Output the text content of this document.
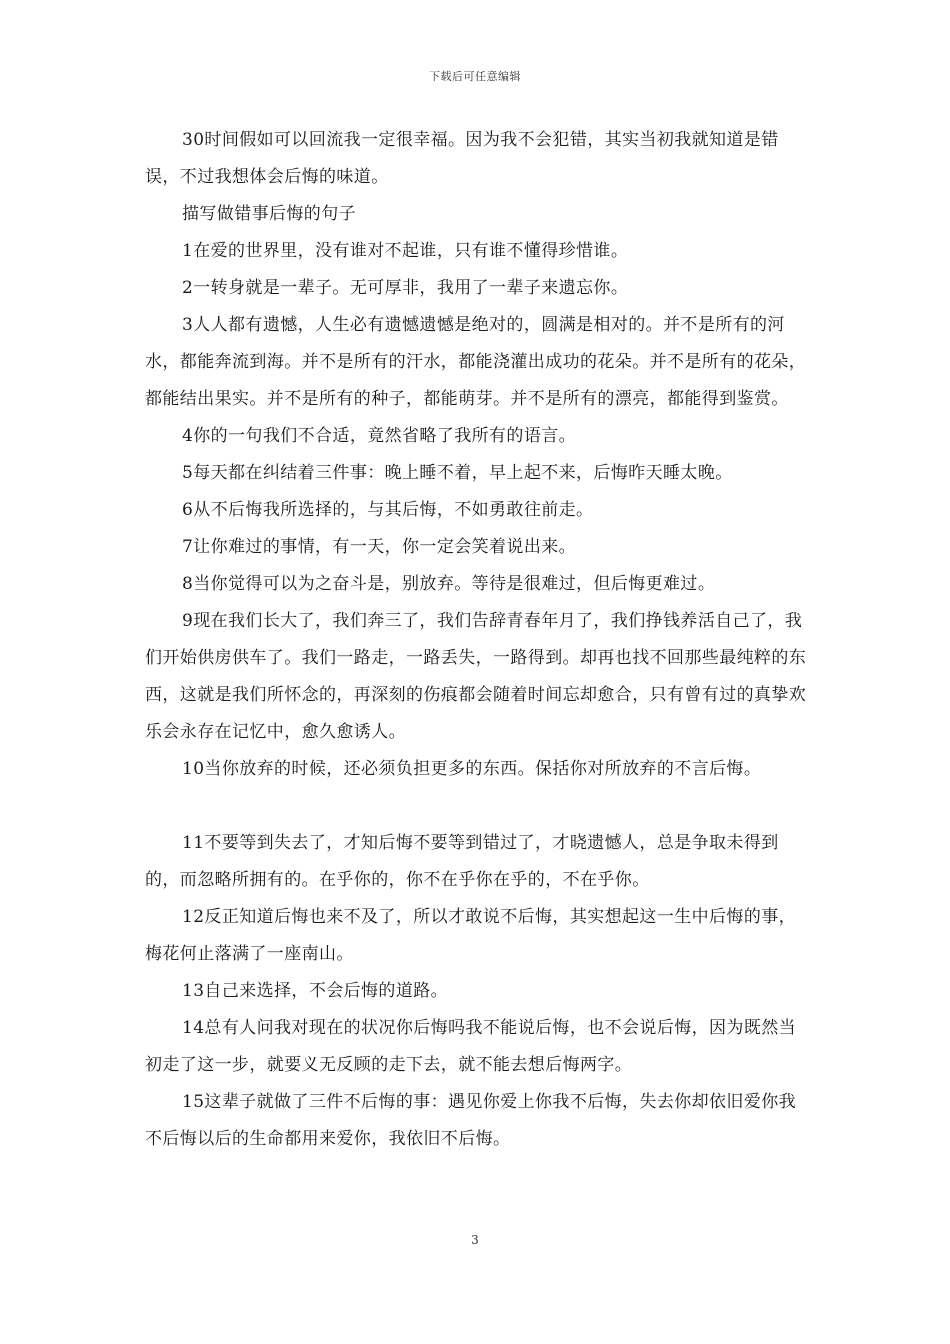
下载后可任意编辑

30时间假如可以回流我一定很幸福。因为我不会犯错，其实当初我就知道是错误，不过我想体会后悔的味道。

描写做错事后悔的句子

1在爱的世界里，没有谁对不起谁，只有谁不懂得珍惜谁。

2一转身就是一辈子。无可厚非，我用了一辈子来遗忘你。

3人人都有遗憾，人生必有遗憾遗憾是绝对的，圆满是相对的。并不是所有的河水，都能奔流到海。并不是所有的汗水，都能浇灌出成功的花朵。并不是所有的花朵，都能结出果实。并不是所有的种子，都能萌芽。并不是所有的漂亮，都能得到鉴赏。

4你的一句我们不合适，竟然省略了我所有的语言。

5每天都在纠结着三件事：晚上睡不着，早上起不来，后悔昨天睡太晚。

6从不后悔我所选择的，与其后悔，不如勇敢往前走。

7让你难过的事情，有一天，你一定会笑着说出来。

8当你觉得可以为之奋斗是，别放弃。等待是很难过，但后悔更难过。

9现在我们长大了，我们奔三了，我们告辞青春年月了，我们挣钱养活自己了，我们开始供房供车了。我们一路走，一路丢失，一路得到。却再也找不回那些最纯粹的东西，这就是我们所怀念的，再深刻的伤痕都会随着时间忘却愈合，只有曾有过的真挚欢乐会永存在记忆中，愈久愈诱人。

10当你放弃的时候，还必须负担更多的东西。保括你对所放弃的不言后悔。

11不要等到失去了，才知后悔不要等到错过了，才晓遗憾人，总是争取未得到的，而忽略所拥有的。在乎你的，你不在乎你在乎的，不在乎你。

12反正知道后悔也来不及了，所以才敢说不后悔，其实想起这一生中后悔的事，梅花何止落满了一座南山。

13自己来选择，不会后悔的道路。

14总有人问我对现在的状况你后悔吗我不能说后悔，也不会说后悔，因为既然当初走了这一步，就要义无反顾的走下去，就不能去想后悔两字。

15这辈子就做了三件不后悔的事：遇见你爱上你我不后悔，失去你却依旧爱你我不后悔以后的生命都用来爱你，我依旧不后悔。

3
